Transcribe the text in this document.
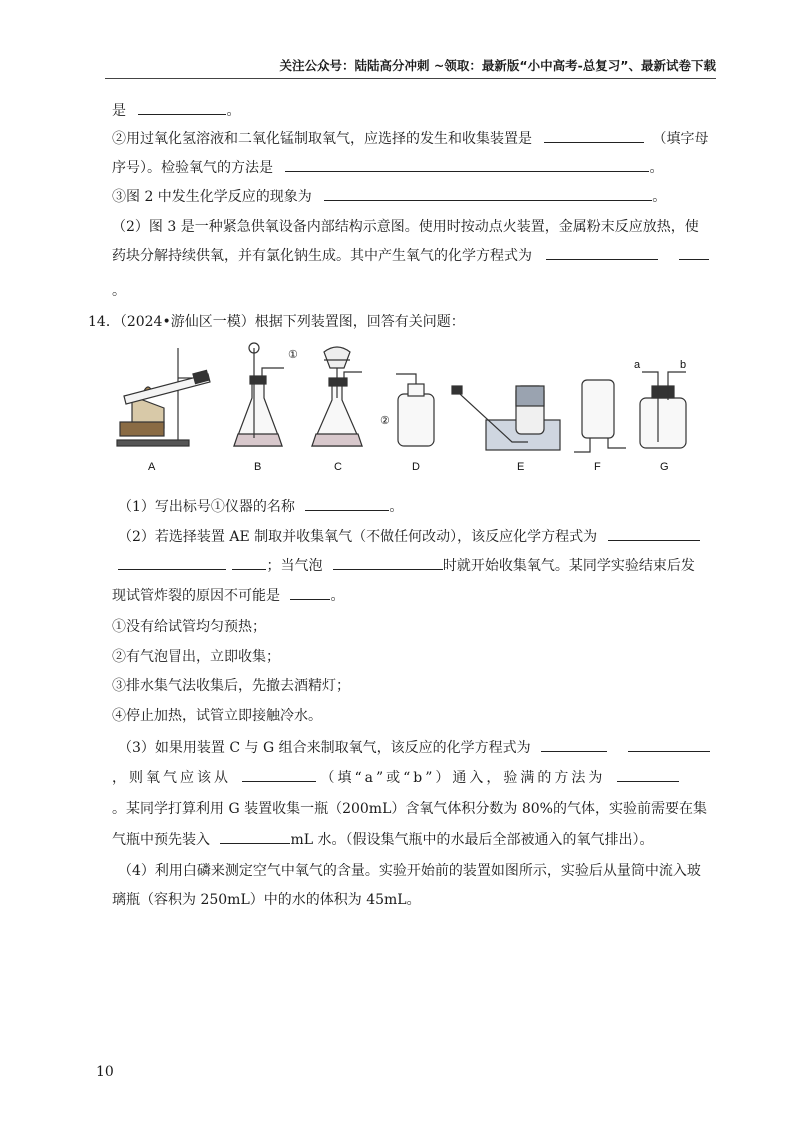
关注公众号：陆陆高分冲刺 ~领取：最新版“小中高考-总复习”、最新试卷下载
是	。
②用过氧化氢溶液和二氧化锰制取氧气，应选择的发生和收集装置是	（填字母
序号）。检验氧气的方法是	。
③图 2 中发生化学反应的现象为	。
（2）图 3 是一种紧急供氧设备内部结构示意图。使用时按动点火装置，金属粉末反应放热，使
药块分解持续供氧，并有氯化钠生成。其中产生氧气的化学方程式为
。
14．（2024•游仙区一模）根据下列装置图，回答有关问题：
A	B	C	D	E	F	G
①
②
a	b
（1）写出标号①仪器的名称	。
（2）若选择装置 AE 制取并收集氧气（不做任何改动），该反应化学方程式为
；当气泡	时就开始收集氧气。某同学实验结束后发
现试管炸裂的原因不可能是	。
①没有给试管均匀预热；
②有气泡冒出，立即收集；
③排水集气法收集后，先撤去酒精灯；
④停止加热，试管立即接触冷水。
（3）如果用装置 C 与 G 组合来制取氧气，该反应的化学方程式为
，则氧气应该从	（填“a”或“b”）通入，验满的方法为
。某同学打算利用 G 装置收集一瓶（200mL）含氧气体积分数为 80%的气体，实验前需要在集
气瓶中预先装入	mL 水。（假设集气瓶中的水最后全部被通入的氧气排出）。
（4）利用白磷来测定空气中氧气的含量。实验开始前的装置如图所示，实验后从量筒中流入玻
璃瓶（容积为 250mL）中的水的体积为 45mL。
10
